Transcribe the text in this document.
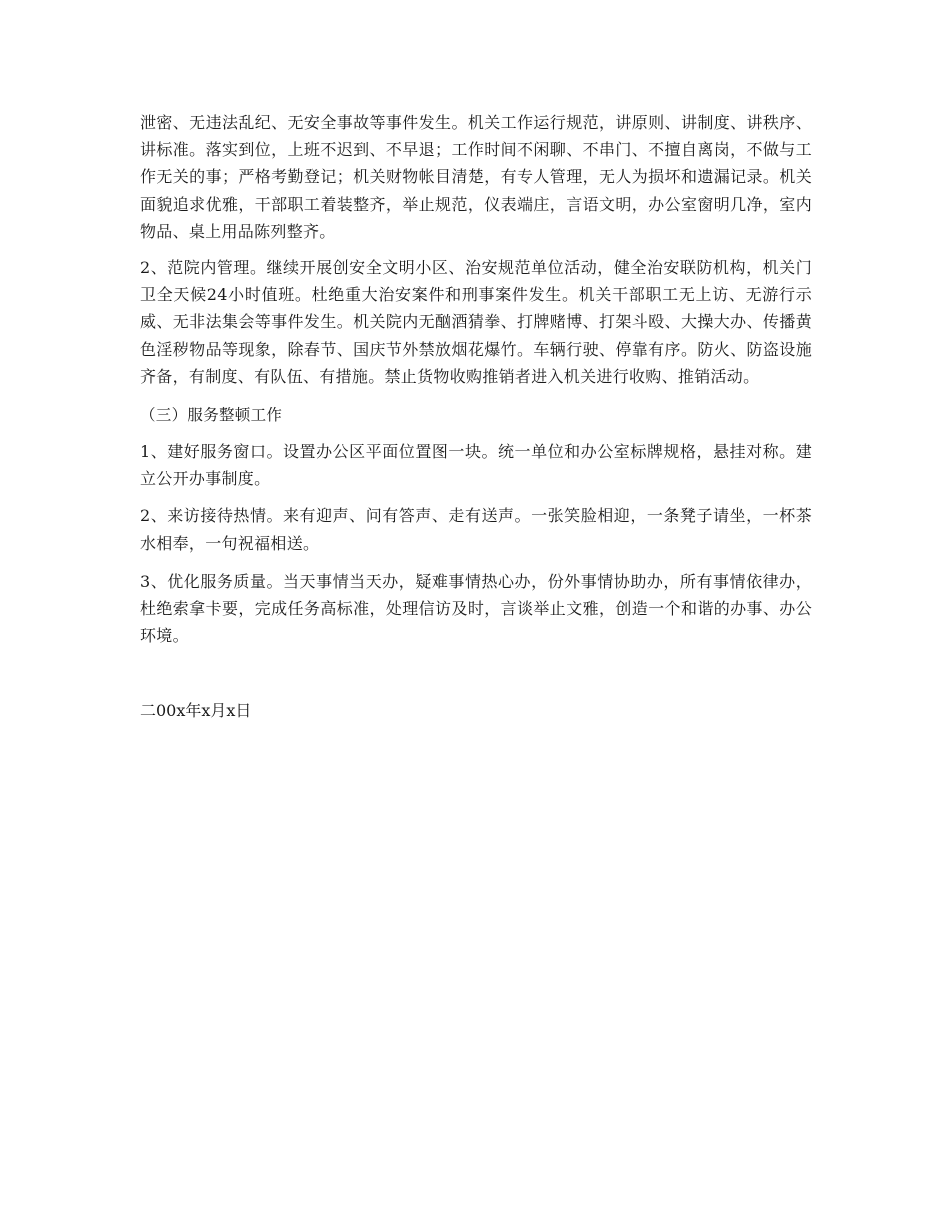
泄密、无违法乱纪、无安全事故等事件发生。机关工作运行规范，讲原则、讲制度、讲秩序、讲标准。落实到位，上班不迟到、不早退；工作时间不闲聊、不串门、不擅自离岗，不做与工作无关的事；严格考勤登记；机关财物帐目清楚，有专人管理，无人为损坏和遗漏记录。机关面貌追求优雅，干部职工着装整齐，举止规范，仪表端庄，言语文明，办公室窗明几净，室内物品、桌上用品陈列整齐。

2、范院内管理。继续开展创安全文明小区、治安规范单位活动，健全治安联防机构，机关门卫全天候24小时值班。杜绝重大治安案件和刑事案件发生。机关干部职工无上访、无游行示威、无非法集会等事件发生。机关院内无酗酒猜拳、打牌赌博、打架斗殴、大操大办、传播黄色淫秽物品等现象，除春节、国庆节外禁放烟花爆竹。车辆行驶、停靠有序。防火、防盗设施齐备，有制度、有队伍、有措施。禁止货物收购推销者进入机关进行收购、推销活动。

（三）服务整顿工作

1、建好服务窗口。设置办公区平面位置图一块。统一单位和办公室标牌规格，悬挂对称。建立公开办事制度。

2、来访接待热情。来有迎声、问有答声、走有送声。一张笑脸相迎，一条凳子请坐，一杯茶水相奉，一句祝福相送。

3、优化服务质量。当天事情当天办，疑难事情热心办，份外事情协助办，所有事情依律办，杜绝索拿卡要，完成任务高标准，处理信访及时，言谈举止文雅，创造一个和谐的办事、办公环境。

二00x年x月x日
